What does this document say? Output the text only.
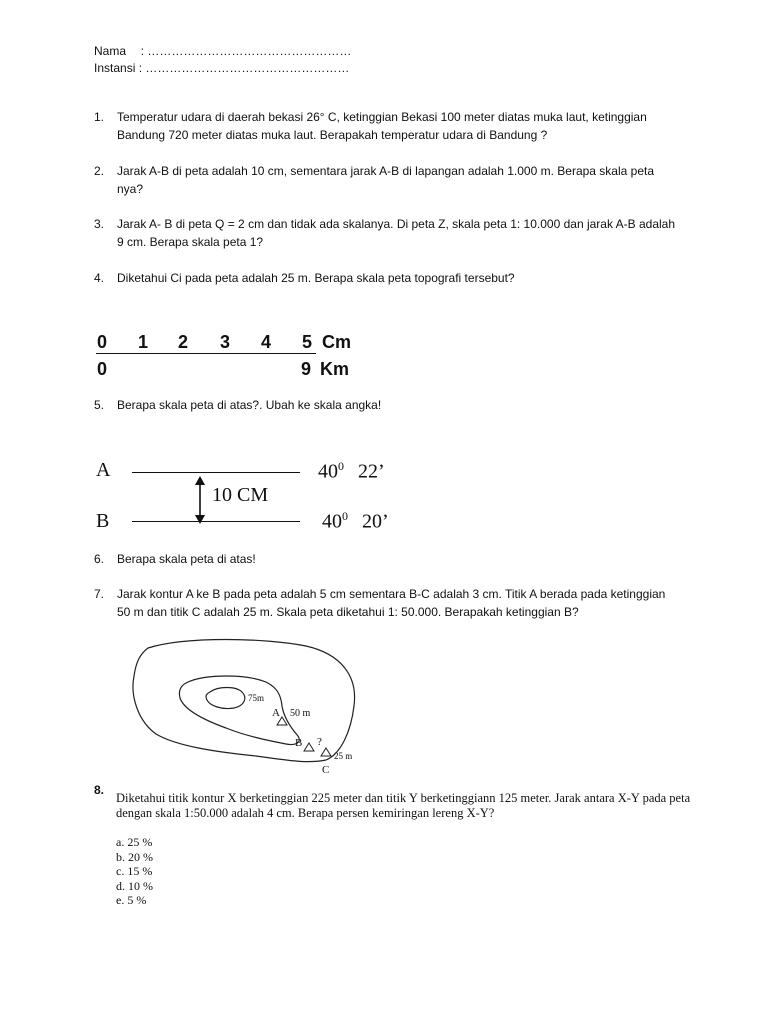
Nama : ……………………………………………
Instansi : ……………………………………………
1. Temperatur udara di daerah bekasi 26° C, ketinggian Bekasi 100 meter diatas muka laut, ketinggian Bandung 720 meter diatas muka laut. Berapakah temperatur udara di Bandung ?
2. Jarak A-B di peta adalah 10 cm, sementara jarak A-B di lapangan adalah 1.000 m. Berapa skala peta nya?
3. Jarak A- B di peta Q = 2 cm dan tidak ada skalanya. Di peta Z, skala peta 1: 10.000 dan jarak A-B adalah 9 cm. Berapa skala peta 1?
4. Diketahui Ci pada peta adalah 25 m. Berapa skala peta topografi tersebut?
0 1 2 3 4 5 Cm
0	9 Km
5. Berapa skala peta di atas?. Ubah ke skala angka!
A	$40^0$ 22’
10 CM
B	$40^0$ 20’
6. Berapa skala peta di atas!
7. Jarak kontur A ke B pada peta adalah 5 cm sementara B-C adalah 3 cm. Titik A berada pada ketinggian 50 m dan titik C adalah 25 m. Skala peta diketahui 1: 50.000. Berapakah ketinggian B?
75m
A 50 m
B ?
25 m
C
8.
Diketahui titik kontur X berketinggian 225 meter dan titik Y berketinggiann 125 meter. Jarak antara X-Y pada peta dengan skala 1:50.000 adalah 4 cm. Berapa persen kemiringan lereng X-Y?
a. 25 %
b. 20 %
c. 15 %
d. 10 %
e. 5 %
